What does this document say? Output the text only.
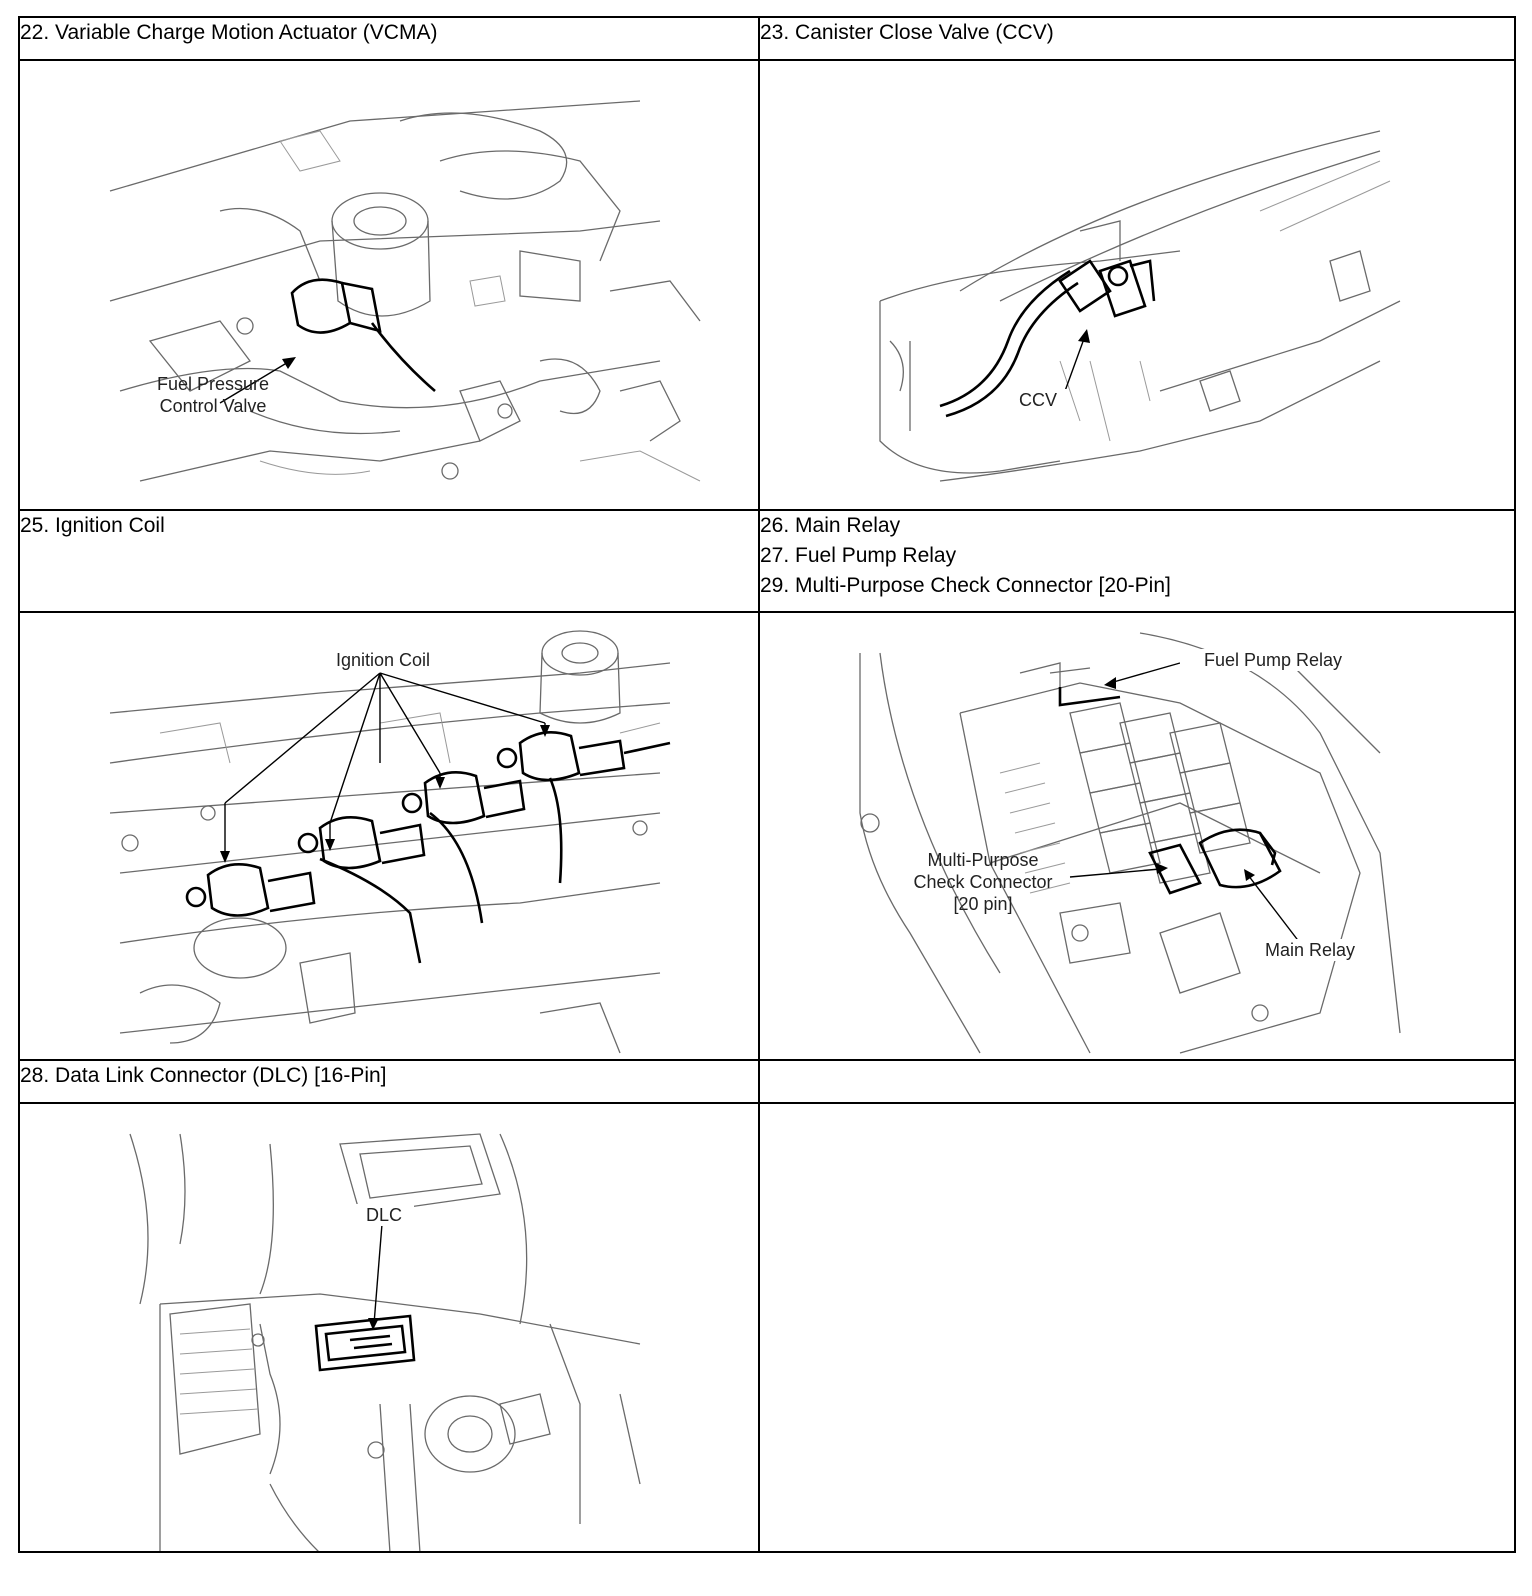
22. Variable Charge Motion Actuator (VCMA)	23. Canister Close Valve (CCV)

Fuel Pressure
Control Valve	CCV

25. Ignition Coil	26. Main Relay
27. Fuel Pump Relay
29. Multi-Purpose Check Connector [20-Pin]

Ignition Coil	Fuel Pump Relay
Multi-Purpose
Check Connector
[20 pin]
Main Relay

28. Data Link Connector (DLC) [16-Pin]	

DLC	
